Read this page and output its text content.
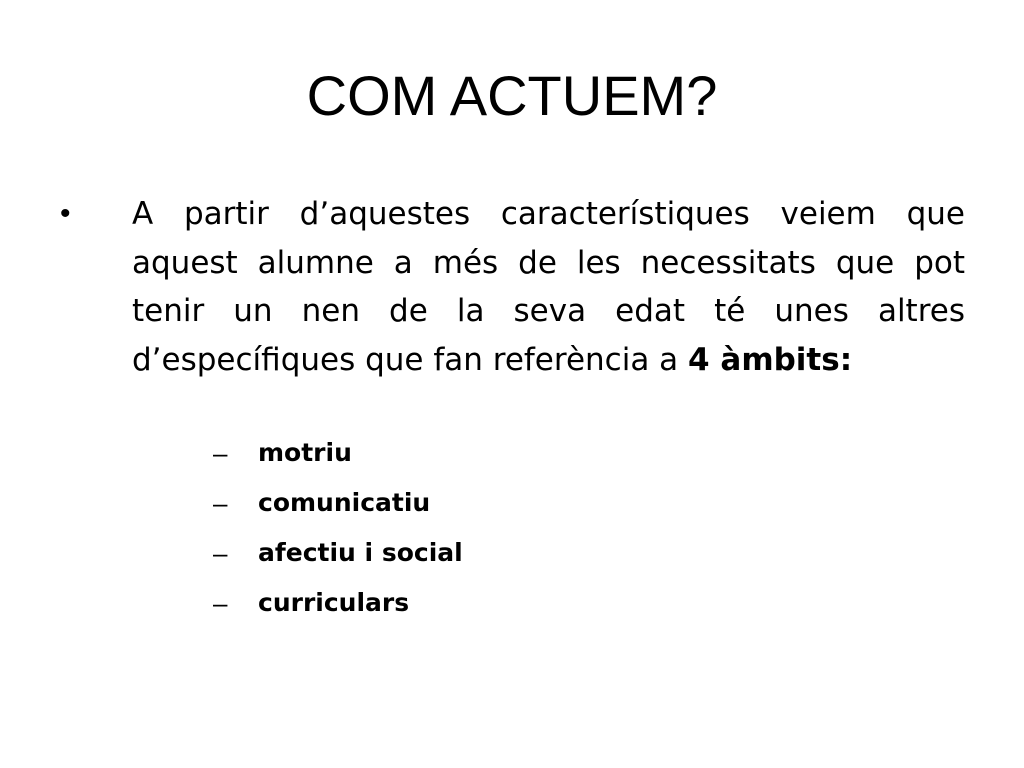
COM ACTUEM?
• A partir d’aquestes característiques veiem que aquest alumne a més de les necessitats que pot tenir un nen de la seva edat té unes altres d’específiques que fan referència a 4 àmbits:
– motriu
– comunicatiu
– afectiu i social
– curriculars
